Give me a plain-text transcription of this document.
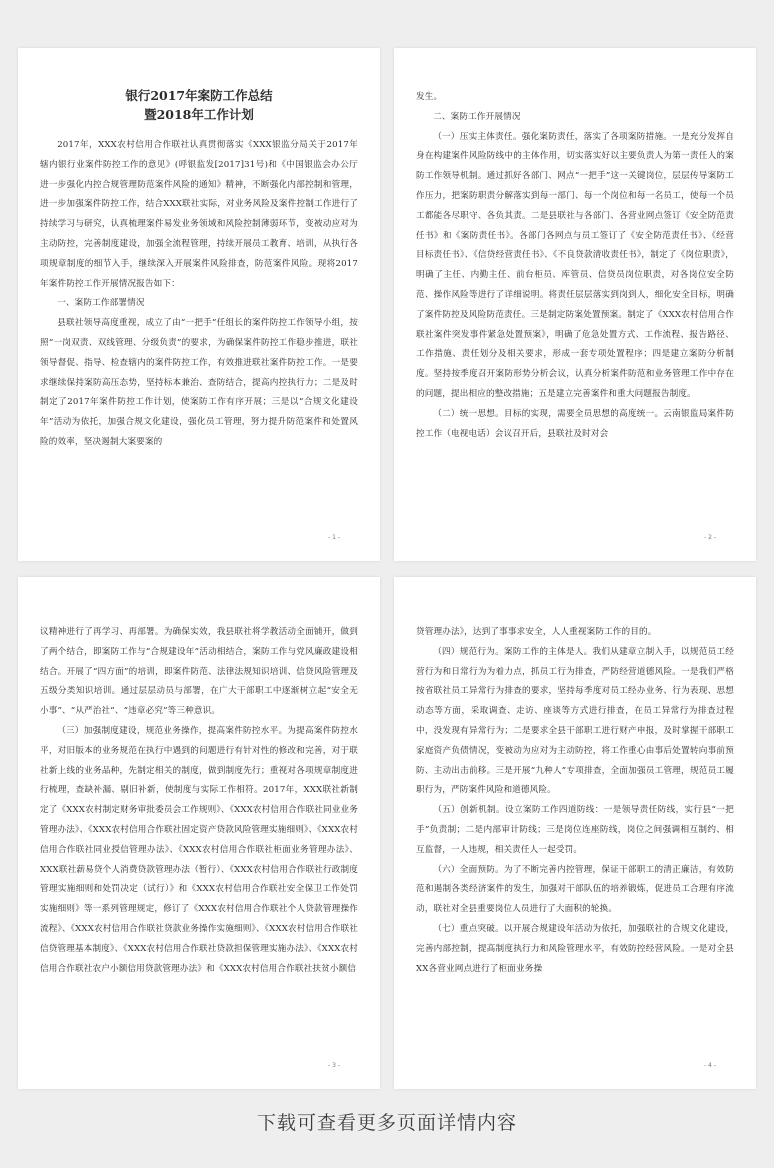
银行2017年案防工作总结

暨2018年工作计划

2017年，XXX农村信用合作联社认真贯彻落实《XXX银监分局关于2017年辖内银行业案件防控工作的意见》(呼银监发[2017]31号)和《中国银监会办公厅进一步强化内控合规管理防范案件风险的通知》精神，不断强化内部控制和管理，进一步加强案件防控工作，结合XXX联社实际，对业务风险及案件控制工作进行了持续学习与研究，认真梳理案件易发业务领域和风险控制薄弱环节，变被动应对为主动防控，完善制度建设，加强全流程管理，持续开展员工教育、培训，从执行各项规章制度的细节入手，继续深入开展案件风险排查，防范案件风险。现将2017年案件防控工作开展情况报告如下：

一、案防工作部署情况

县联社领导高度重视，成立了由“一把手”任组长的案件防控工作领导小组，按照“一岗双责、双线管理、分级负责”的要求，为确保案件防控工作稳步推进，联社领导督促、指导、检查辖内的案件防控工作，有效推进联社案件防控工作。一是要求继续保持案防高压态势，坚持标本兼治、查防结合，提高内控执行力；二是及时制定了2017年案件防控工作计划，使案防工作有序开展；三是以“合规文化建设年”活动为依托，加强合规文化建设，强化员工管理，努力提升防范案件和处置风险的效率，坚决遏制大案要案的

- 1 -

发生。

二、案防工作开展情况

（一）压实主体责任。强化案防责任，落实了各项案防措施。一是充分发挥自身在构建案件风险防线中的主体作用，切实落实好以主要负责人为第一责任人的案防工作领导机制。通过抓好各部门、网点“一把手”这一关键岗位，层层传导案防工作压力，把案防职责分解落实到每一部门、每一个岗位和每一名员工，使每一个员工都能各尽职守、各负其责。二是县联社与各部门、各营业网点签订《安全防范责任书》和《案防责任书》。各部门各网点与员工签订了《安全防范责任书》、《经营目标责任书》、《信贷经营责任书》、《不良贷款清收责任书》，制定了《岗位职责》，明确了主任、内勤主任、前台柜员、库管员、信贷员岗位职责，对各岗位安全防范、操作风险等进行了详细说明。将责任层层落实到岗到人，细化安全目标，明确了案件防控及风险防范责任。三是制定防案处置预案。制定了《XXX农村信用合作联社案件突发事件紧急处置预案》，明确了危急处置方式、工作流程、报告路径、工作措施、责任划分及相关要求，形成一套专项处置程序；四是建立案防分析制度。坚持按季度召开案防形势分析会议，认真分析案件防范和业务管理工作中存在的问题，提出相应的整改措施；五是建立完善案件和重大问题报告制度。

（二）统一思想。目标的实现，需要全员思想的高度统一。云南银监局案件防控工作（电视电话）会议召开后，县联社及时对会

- 2 -

议精神进行了再学习、再部署。为确保实效，我县联社将学教活动全面铺开，做到了两个结合，即案防工作与“合规建设年”活动相结合，案防工作与党风廉政建设相结合。开展了“四方面”的培训，即案件防范、法律法规知识培训、信贷风险管理及五级分类知识培训。通过层层动员与部署，在广大干部职工中逐渐树立起“安全无小事”、“从严治社”、“违章必究”等三种意识。

（三）加强制度建设，规范业务操作，提高案件防控水平。为提高案件防控水平，对旧版本的业务规范在执行中遇到的问题进行有针对性的修改和完善，对于联社新上线的业务品种，先制定相关的制度，做到制度先行；重视对各项规章制度进行梳理，查缺补漏、剔旧补新，使制度与实际工作相符。2017年，XXX联社新制定了《XXX农村制定财务审批委员会工作规则》、《XXX农村信用合作联社同业业务管理办法》、《XXX农村信用合作联社固定资产贷款风险管理实施细则》、《XXX农村信用合作联社同业授信管理办法》、《XXX农村信用合作联社柜面业务管理办法》、XXX联社薪易贷个人消费贷款管理办法（暂行）、《XXX农村信用合作联社行政制度管理实施细则和处罚决定（试行）》和《XXX农村信用合作联社安全保卫工作处罚实施细则》等一系列管理规定，修订了《XXX农村信用合作联社个人贷款管理操作流程》、《XXX农村信用合作联社贷款业务操作实施细则》、《XXX农村信用合作联社信贷管理基本制度》、《XXX农村信用合作联社贷款担保管理实施办法》、《XXX农村信用合作联社农户小额信用贷款管理办法》和《XXX农村信用合作联社扶贫小额信

- 3 -

贷管理办法》，达到了事事求安全，人人重视案防工作的目的。

（四）规范行为。案防工作的主体是人。我们从建章立制入手，以规范员工经营行为和日常行为为着力点，抓员工行为排查，严防经营道德风险。一是我们严格按省联社员工异常行为排查的要求，坚持每季度对员工经办业务、行为表现、思想动态等方面，采取调查、走访、座谈等方式进行排查，在员工异常行为排查过程中，没发现有异常行为；二是要求全县干部职工进行财产申报，及时掌握干部职工家庭资产负债情况，变被动为应对为主动防控，将工作重心由事后处置转向事前预防、主动出击前移。三是开展“九种人”专项排查，全面加强员工管理，规范员工履职行为，严防案件风险和道德风险。

（五）创新机制。设立案防工作四道防线：一是领导责任防线，实行县“一把手”负责制；二是内部审计防线；三是岗位连座防线，岗位之间强调相互制约、相互监督，一人违规，相关责任人一起受罚。

（六）全面预防。为了不断完善内控管理，保证干部职工的清正廉洁，有效防范和遏制各类经济案件的发生，加强对干部队伍的培养锻炼，促进员工合理有序流动，联社对全县重要岗位人员进行了大面积的轮换。

（七）重点突破。以开展合规建设年活动为依托，加强联社的合规文化建设，完善内部控制，提高制度执行力和风险管理水平，有效防控经营风险。一是对全县XX各营业网点进行了柜面业务操

- 4 -
下载可查看更多页面详情内容
